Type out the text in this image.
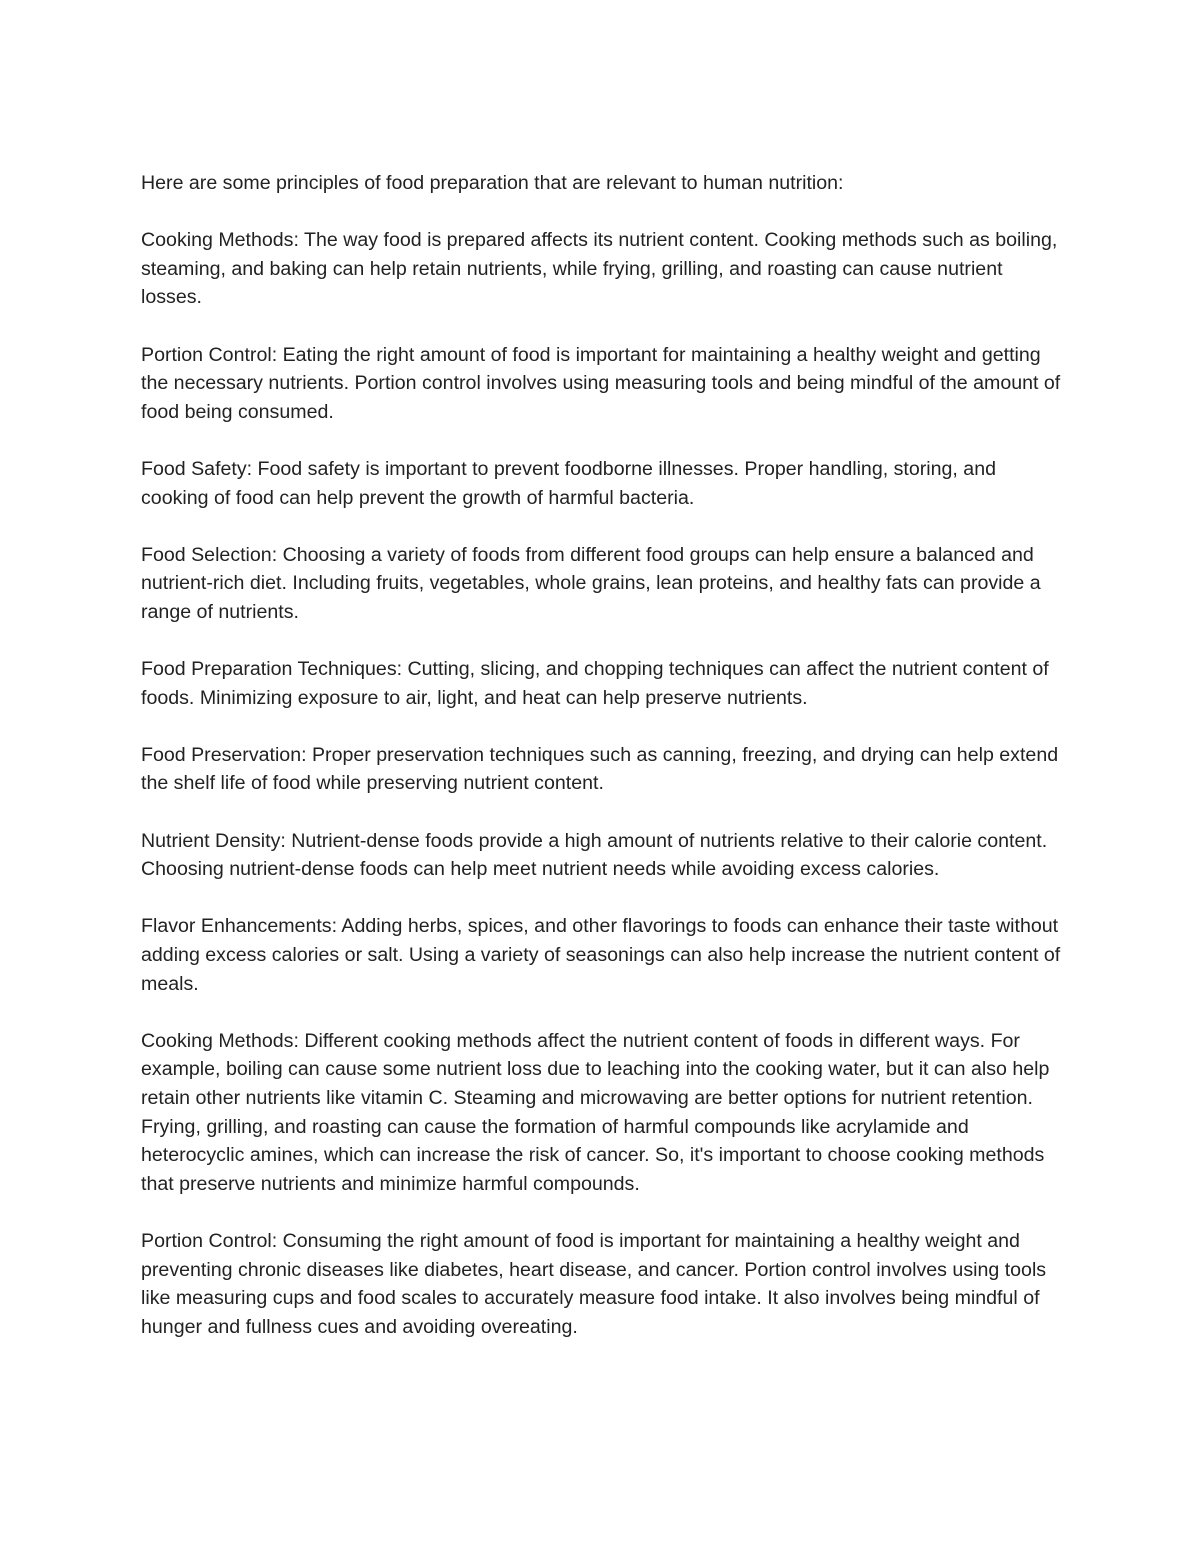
Here are some principles of food preparation that are relevant to human nutrition:

Cooking Methods: The way food is prepared affects its nutrient content. Cooking methods such as boiling, steaming, and baking can help retain nutrients, while frying, grilling, and roasting can cause nutrient losses.

Portion Control: Eating the right amount of food is important for maintaining a healthy weight and getting the necessary nutrients. Portion control involves using measuring tools and being mindful of the amount of food being consumed.

Food Safety: Food safety is important to prevent foodborne illnesses. Proper handling, storing, and cooking of food can help prevent the growth of harmful bacteria.

Food Selection: Choosing a variety of foods from different food groups can help ensure a balanced and nutrient-rich diet. Including fruits, vegetables, whole grains, lean proteins, and healthy fats can provide a range of nutrients.

Food Preparation Techniques: Cutting, slicing, and chopping techniques can affect the nutrient content of foods. Minimizing exposure to air, light, and heat can help preserve nutrients.

Food Preservation: Proper preservation techniques such as canning, freezing, and drying can help extend the shelf life of food while preserving nutrient content.

Nutrient Density: Nutrient-dense foods provide a high amount of nutrients relative to their calorie content. Choosing nutrient-dense foods can help meet nutrient needs while avoiding excess calories.

Flavor Enhancements: Adding herbs, spices, and other flavorings to foods can enhance their taste without adding excess calories or salt. Using a variety of seasonings can also help increase the nutrient content of meals.

Cooking Methods: Different cooking methods affect the nutrient content of foods in different ways. For example, boiling can cause some nutrient loss due to leaching into the cooking water, but it can also help retain other nutrients like vitamin C. Steaming and microwaving are better options for nutrient retention. Frying, grilling, and roasting can cause the formation of harmful compounds like acrylamide and heterocyclic amines, which can increase the risk of cancer. So, it's important to choose cooking methods that preserve nutrients and minimize harmful compounds.

Portion Control: Consuming the right amount of food is important for maintaining a healthy weight and preventing chronic diseases like diabetes, heart disease, and cancer. Portion control involves using tools like measuring cups and food scales to accurately measure food intake. It also involves being mindful of hunger and fullness cues and avoiding overeating.
